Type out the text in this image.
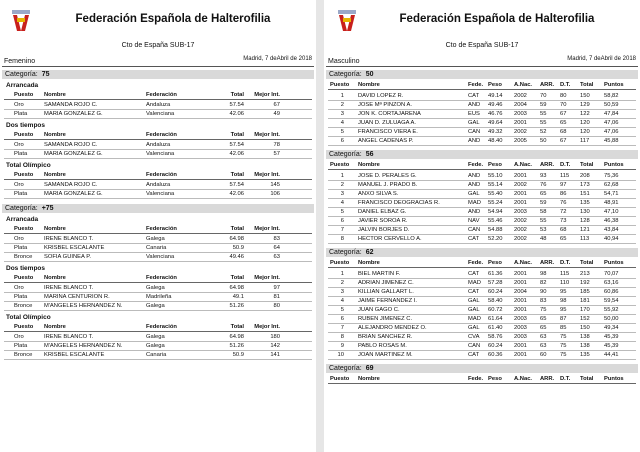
Federación Española de Halterofilia
Cto de España SUB-17
Madrid, 7 deAbril de 2018
Femenino
Categoría: 75
Arrancada
Puesto Nombre	Federación	Total	Mejor Int.
Oro	SAMANDA ROJO C.	Andaluza	57.54	67
Plata	MARIA GONZALEZ G.	Valenciana	42.06	49
Dos tiempos
Puesto Nombre	Federación	Total	Mejor Int.
Oro	SAMANDA ROJO C.	Andaluza	57.54	78
Plata	MARIA GONZALEZ G.	Valenciana	42.06	57
Total Olímpico
Puesto Nombre	Federación	Total	Mejor Int.
Oro	SAMANDA ROJO C.	Andaluza	57.54	145
Plata	MARIA GONZALEZ G.	Valenciana	42.06	106
Categoría: +75
Arrancada
Puesto Nombre	Federación	Total	Mejor Int.
Oro	IRENE BLANCO T.	Galega	64.98	83
Plata	KRISBEL ESCALANTE	Canaria	50.9	64
Bronce SOFIA GUINEA P.	Valenciana	49.46	63
Dos tiempos
Puesto Nombre	Federación	Total	Mejor Int.
Oro	IRENE BLANCO T.	Galega	64.98	97
Plata	MARINA CENTURION R.	Madrileña	49.1	81
Bronce M'ANGELES HERNANDEZ N.	Galega	51.26	80
Total Olímpico
Puesto Nombre	Federación	Total	Mejor Int.
Oro	IRENE BLANCO T.	Galega	64.98	180
Plata	M'ANGELES HERNANDEZ N.	Galega	51.26	142
Bronce KRISBEL ESCALANTE	Canaria	50.9	141
Federación Española de Halterofilia
Cto de España SUB-17
Madrid, 7 deAbril de 2018
Masculino
Categoría: 50
Puesto Nombre	Fede. Peso A.Nac. ARR. D.T. Total Puntos
1 DAVID LOPEZ R.	CAT 49.14 2002 70 80 150 58,82
2 JOSE Mª PINZON A.	AND 49.46 2004 59 70 129 50,59
3 JON K. CORTAJARENA	EUS 46.76 2003 55 67 122 47,84
4 JUAN D. ZULUAGA A.	GAL 49.64 2001 55 65 120 47,06
5 FRANCISCO VIERA E.	CAN 49.32 2002 52 68 120 47,06
6 ANGEL CADENAS P.	AND 48.40 2005 50 67 117	45,88
Categoría: 56
Puesto Nombre	Fede. Peso A.Nac. ARR. D.T. Total Puntos
1 JOSE D. PERALES G.	AND 55.10 2001 93 115 208 75,36
2 MANUEL J. PRADO B.	AND 55.14 2002 76 97 173 62,68
3 ANXO SILVA S.	GAL 55.40 2001 65 86 151 54,71
4 FRANCISCO DEOGRACIAS R.	MAD 55.24 2001 59 76 135 48,91
5 DANIEL ELBAZ G.	AND 54.94 2003 58 72 130 47,10
6 JAVIER SOROA R.	NAV 55.46 2002 55 73 128 46,38
7 JALVIN BORJES D.	CAN 54.88 2002 53 68 121 43,84
8 HECTOR CERVELLO A.	CAT 52.20 2002 48 65 113	40,94
Categoría: 62
Puesto Nombre	Fede. Peso A.Nac. ARR. D.T. Total Puntos
1 BIEL MARTIN F.	CAT 61.36 2001 98 115 213 70,07
2 ADRIAN JIMENEZ C.	MAD 57.28 2001 82 110 192 63,16
3 KILLIAN GALLART L.	CAT 60.24 2004 90 95 185 60,86
4 JAIME FERNANDEZ I.	GAL 58.40 2001 83 98 181 59,54
5 JUAN GAGO C.	GAL 60.72 2001 75 95 170 55,92
6 RUBEN JIMENEZ C.	MAD 61.64 2003 65 87 152 50,00
7 ALEJANDRO MENDEZ O.	GAL 61.40 2003 65 85 150 49,34
8 BRIAN SANCHEZ R.	CVA 58.76 2003 63 75 138 45,39
9 PABLO ROSAS M.	CAN 60.24 2001 63 75 138 45,39
10 JOAN MARTINEZ M.	CAT 60.36 2001 60 75 135 44,41
Categoría: 69
Puesto Nombre	Fede. Peso A.Nac. ARR. D.T. Total Puntos
